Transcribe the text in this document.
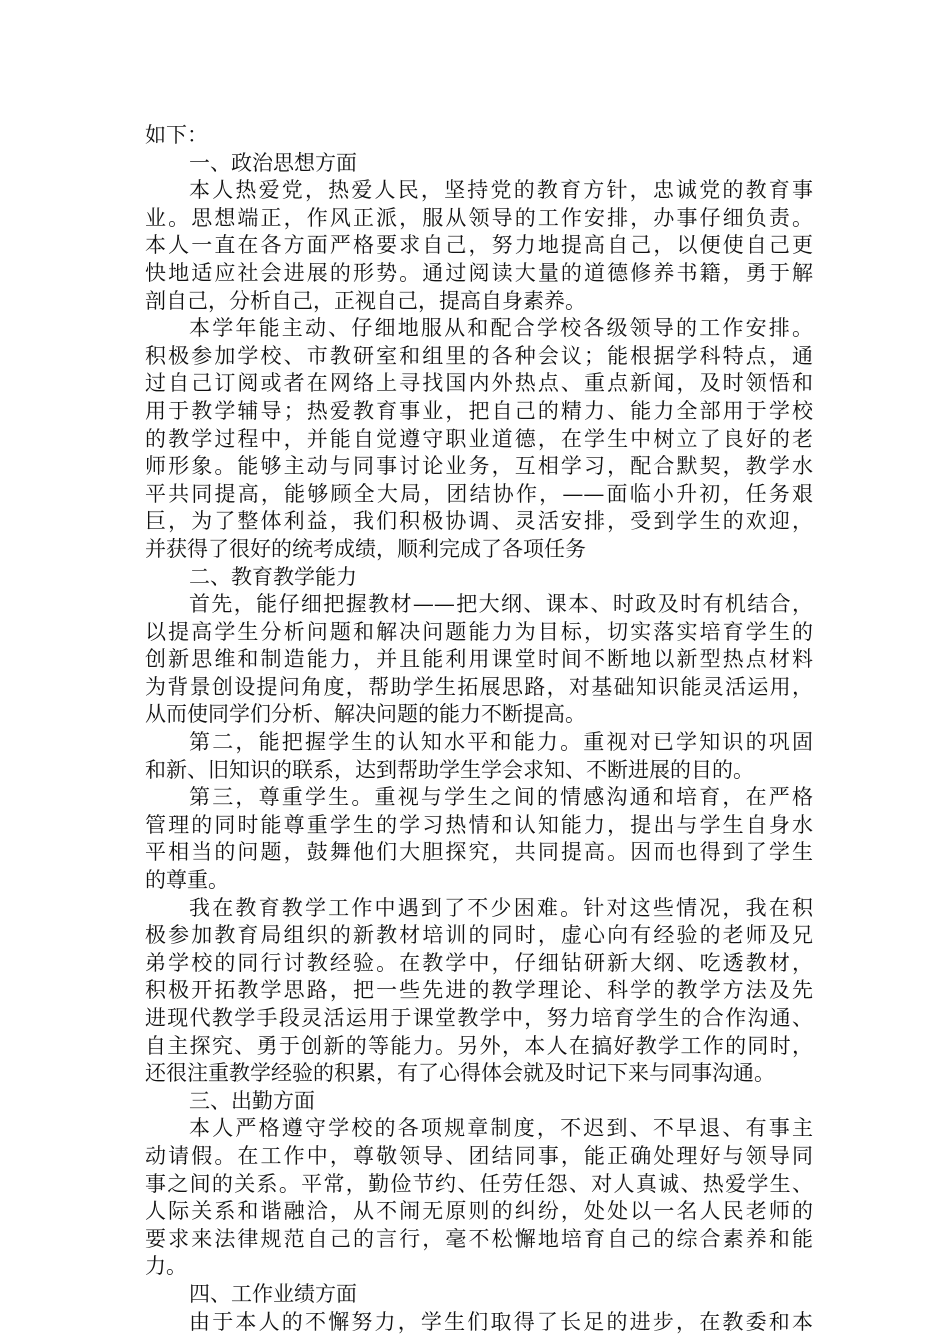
如下：
一、政治思想方面
本人热爱党，热爱人民，坚持党的教育方针，忠诚党的教育事
业。思想端正，作风正派，服从领导的工作安排，办事仔细负责。
本人一直在各方面严格要求自己，努力地提高自己，以便使自己更
快地适应社会进展的形势。通过阅读大量的道德修养书籍，勇于解
剖自己，分析自己，正视自己，提高自身素养。
本学年能主动、仔细地服从和配合学校各级领导的工作安排。
积极参加学校、市教研室和组里的各种会议；能根据学科特点，通
过自己订阅或者在网络上寻找国内外热点、重点新闻，及时领悟和
用于教学辅导；热爱教育事业，把自己的精力、能力全部用于学校
的教学过程中，并能自觉遵守职业道德，在学生中树立了良好的老
师形象。能够主动与同事讨论业务，互相学习，配合默契，教学水
平共同提高，能够顾全大局，团结协作，——面临小升初，任务艰
巨，为了整体利益，我们积极协调、灵活安排，受到学生的欢迎，
并获得了很好的统考成绩，顺利完成了各项任务
二、教育教学能力
首先，能仔细把握教材——把大纲、课本、时政及时有机结合，
以提高学生分析问题和解决问题能力为目标，切实落实培育学生的
创新思维和制造能力，并且能利用课堂时间不断地以新型热点材料
为背景创设提问角度，帮助学生拓展思路，对基础知识能灵活运用，
从而使同学们分析、解决问题的能力不断提高。
第二，能把握学生的认知水平和能力。重视对已学知识的巩固
和新、旧知识的联系，达到帮助学生学会求知、不断进展的目的。
第三，尊重学生。重视与学生之间的情感沟通和培育，在严格
管理的同时能尊重学生的学习热情和认知能力，提出与学生自身水
平相当的问题，鼓舞他们大胆探究，共同提高。因而也得到了学生
的尊重。
我在教育教学工作中遇到了不少困难。针对这些情况，我在积
极参加教育局组织的新教材培训的同时，虚心向有经验的老师及兄
弟学校的同行讨教经验。在教学中，仔细钻研新大纲、吃透教材，
积极开拓教学思路，把一些先进的教学理论、科学的教学方法及先
进现代教学手段灵活运用于课堂教学中，努力培育学生的合作沟通、
自主探究、勇于创新的等能力。另外，本人在搞好教学工作的同时，
还很注重教学经验的积累，有了心得体会就及时记下来与同事沟通。
三、出勤方面
本人严格遵守学校的各项规章制度，不迟到、不早退、有事主
动请假。在工作中，尊敬领导、团结同事，能正确处理好与领导同
事之间的关系。平常，勤俭节约、任劳任怨、对人真诚、热爱学生、
人际关系和谐融洽，从不闹无原则的纠纷，处处以一名人民老师的
要求来法律规范自己的言行，毫不松懈地培育自己的综合素养和能
力。
四、工作业绩方面
由于本人的不懈努力，学生们取得了长足的进步，在教委和本
